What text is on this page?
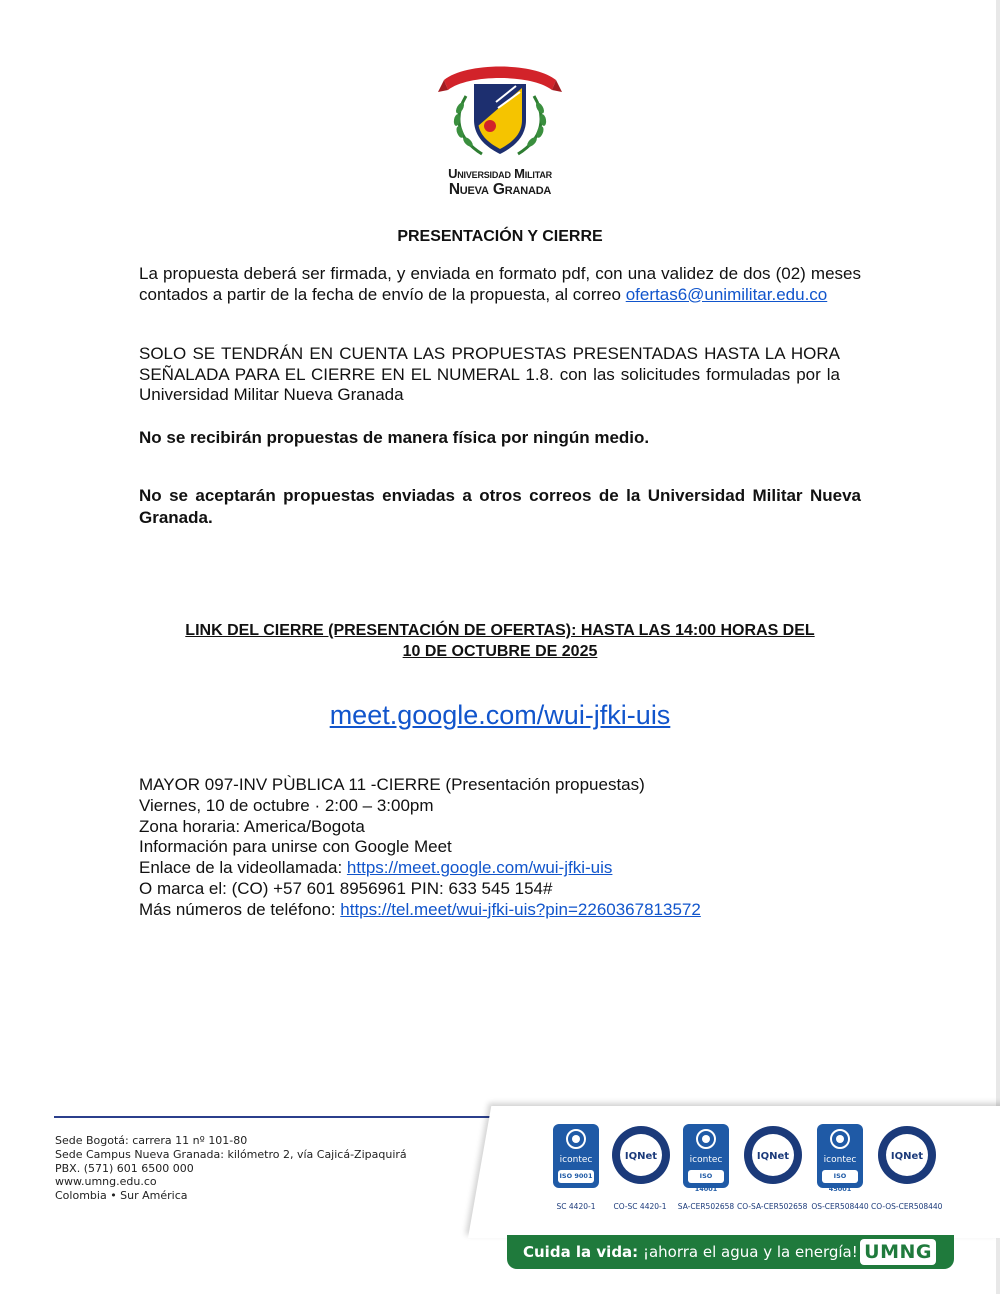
Universidad Militar
Nueva Granada
PRESENTACIÓN Y CIERRE
La propuesta deberá ser firmada, y enviada en formato pdf, con una validez de dos (02) meses contados a partir de la fecha de envío de la propuesta, al correo ofertas6@unimilitar.edu.co
SOLO SE TENDRÁN EN CUENTA LAS PROPUESTAS PRESENTADAS HASTA LA HORA SEÑALADA PARA EL CIERRE EN EL NUMERAL 1.8. con las solicitudes formuladas por la Universidad Militar Nueva Granada
No se recibirán propuestas de manera física por ningún medio.
No se aceptarán propuestas enviadas a otros correos de la Universidad Militar Nueva Granada.
LINK DEL CIERRE (PRESENTACIÓN DE OFERTAS): HASTA LAS 14:00 HORAS DEL
10 DE OCTUBRE DE 2025
meet.google.com/wui-jfki-uis
MAYOR 097-INV PÙBLICA 11 -CIERRE (Presentación propuestas)
Viernes, 10 de octubre · 2:00 – 3:00pm
Zona horaria: America/Bogota
Información para unirse con Google Meet
Enlace de la videollamada: https://meet.google.com/wui-jfki-uis
O marca el: (CO) +57 601 8956961 PIN: 633 545 154#
Más números de teléfono: https://tel.meet/wui-jfki-uis?pin=2260367813572
Sede Bogotá: carrera 11 nº 101-80
Sede Campus Nueva Granada: kilómetro 2, vía Cajicá-Zipaquirá
PBX. (571) 601 6500 000
www.umng.edu.co
Colombia • Sur América
icontec
ISO 9001
SC 4420-1
IQNet
CO-SC 4420-1
icontec
ISO 14001
SA-CER502658
IQNet
CO-SA-CER502658
icontec
ISO 45001
OS-CER508440
IQNet
CO-OS-CER508440
Cuida la vida: ¡ahorra el agua y la energía! UMNG
